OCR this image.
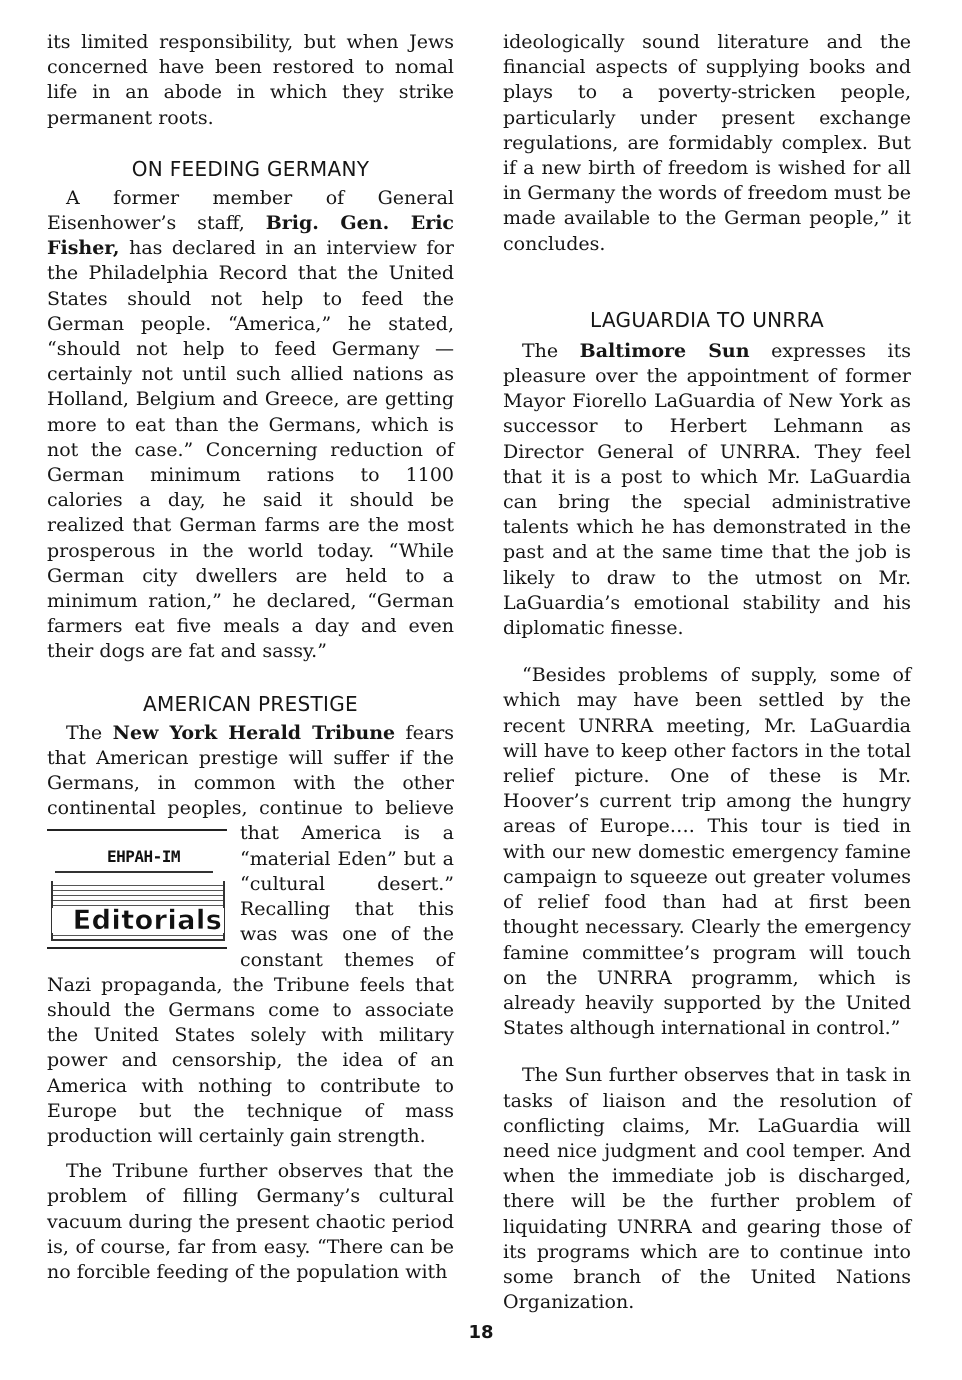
its limited responsibility, but when Jews concerned have been restored to nomal life in an abode in which they strike permanent roots.

ON FEEDING GERMANY

A former member of General Eisenhower’s staff, Brig. Gen. Eric Fisher, has declared in an interview for the Philadelphia Record that the United States should not help to feed the German people. “America,” he stated, “should not help to feed Germany — certainly not until such allied nations as Holland, Belgium and Greece, are getting more to eat than the Germans, which is not the case.” Concerning reduction of German minimum rations to 1100 calories a day, he said it should be realized that German farms are the most prosperous in the world today. “While German city dwellers are held to a minimum ration,” he declared, “German farmers eat five meals a day and even their dogs are fat and sassy.”

AMERICAN PRESTIGE

The New York Herald Tribune fears that American prestige will suffer if the Germans, in common with the other continental peoples, continue to believe that
EHPAH-IM
Editorials
America is a “material Eden” but a “cultural desert.” Recalling that this was was one of the constant themes of Nazi propaganda, the Tribune feels that should the Germans come to associate the United States solely with military power and censorship, the idea of an America with nothing to contribute to Europe but the technique of mass production will certainly gain strength.

The Tribune further observes that the problem of filling Germany’s cultural vacuum during the present chaotic period is, of course, far from easy. “There can be no forcible feeding of the population with

ideologically sound literature and the financial aspects of supplying books and plays to a poverty-stricken people, particularly under present exchange regulations, are formidably complex. But if a new birth of freedom is wished for all in Germany the words of freedom must be made available to the German people,” it concludes.

LAGUARDIA TO UNRRA

The Baltimore Sun expresses its pleasure over the appointment of former Mayor Fiorello LaGuardia of New York as successor to Herbert Lehmann as Director General of UNRRA. They feel that it is a post to which Mr. LaGuardia can bring the special administrative talents which he has demonstrated in the past and at the same time that the job is likely to draw to the utmost on Mr. LaGuardia’s emotional stability and his diplomatic finesse.

“Besides problems of supply, some of which may have been settled by the recent UNRRA meeting, Mr. LaGuardia will have to keep other factors in the total relief picture. One of these is Mr. Hoover’s current trip among the hungry areas of Europe…. This tour is tied in with our new domestic emergency famine campaign to squeeze out greater volumes of relief food than had at first been thought necessary. Clearly the emergency famine committee’s program will touch on the UNRRA programm, which is already heavily supported by the United States although international in control.”

The Sun further observes that in task in tasks of liaison and the resolution of conflicting claims, Mr. LaGuardia will need nice judgment and cool temper. And when the immediate job is discharged, there will be the further problem of liquidating UNRRA and gearing those of its programs which are to continue into some branch of the United Nations Organization.

18
